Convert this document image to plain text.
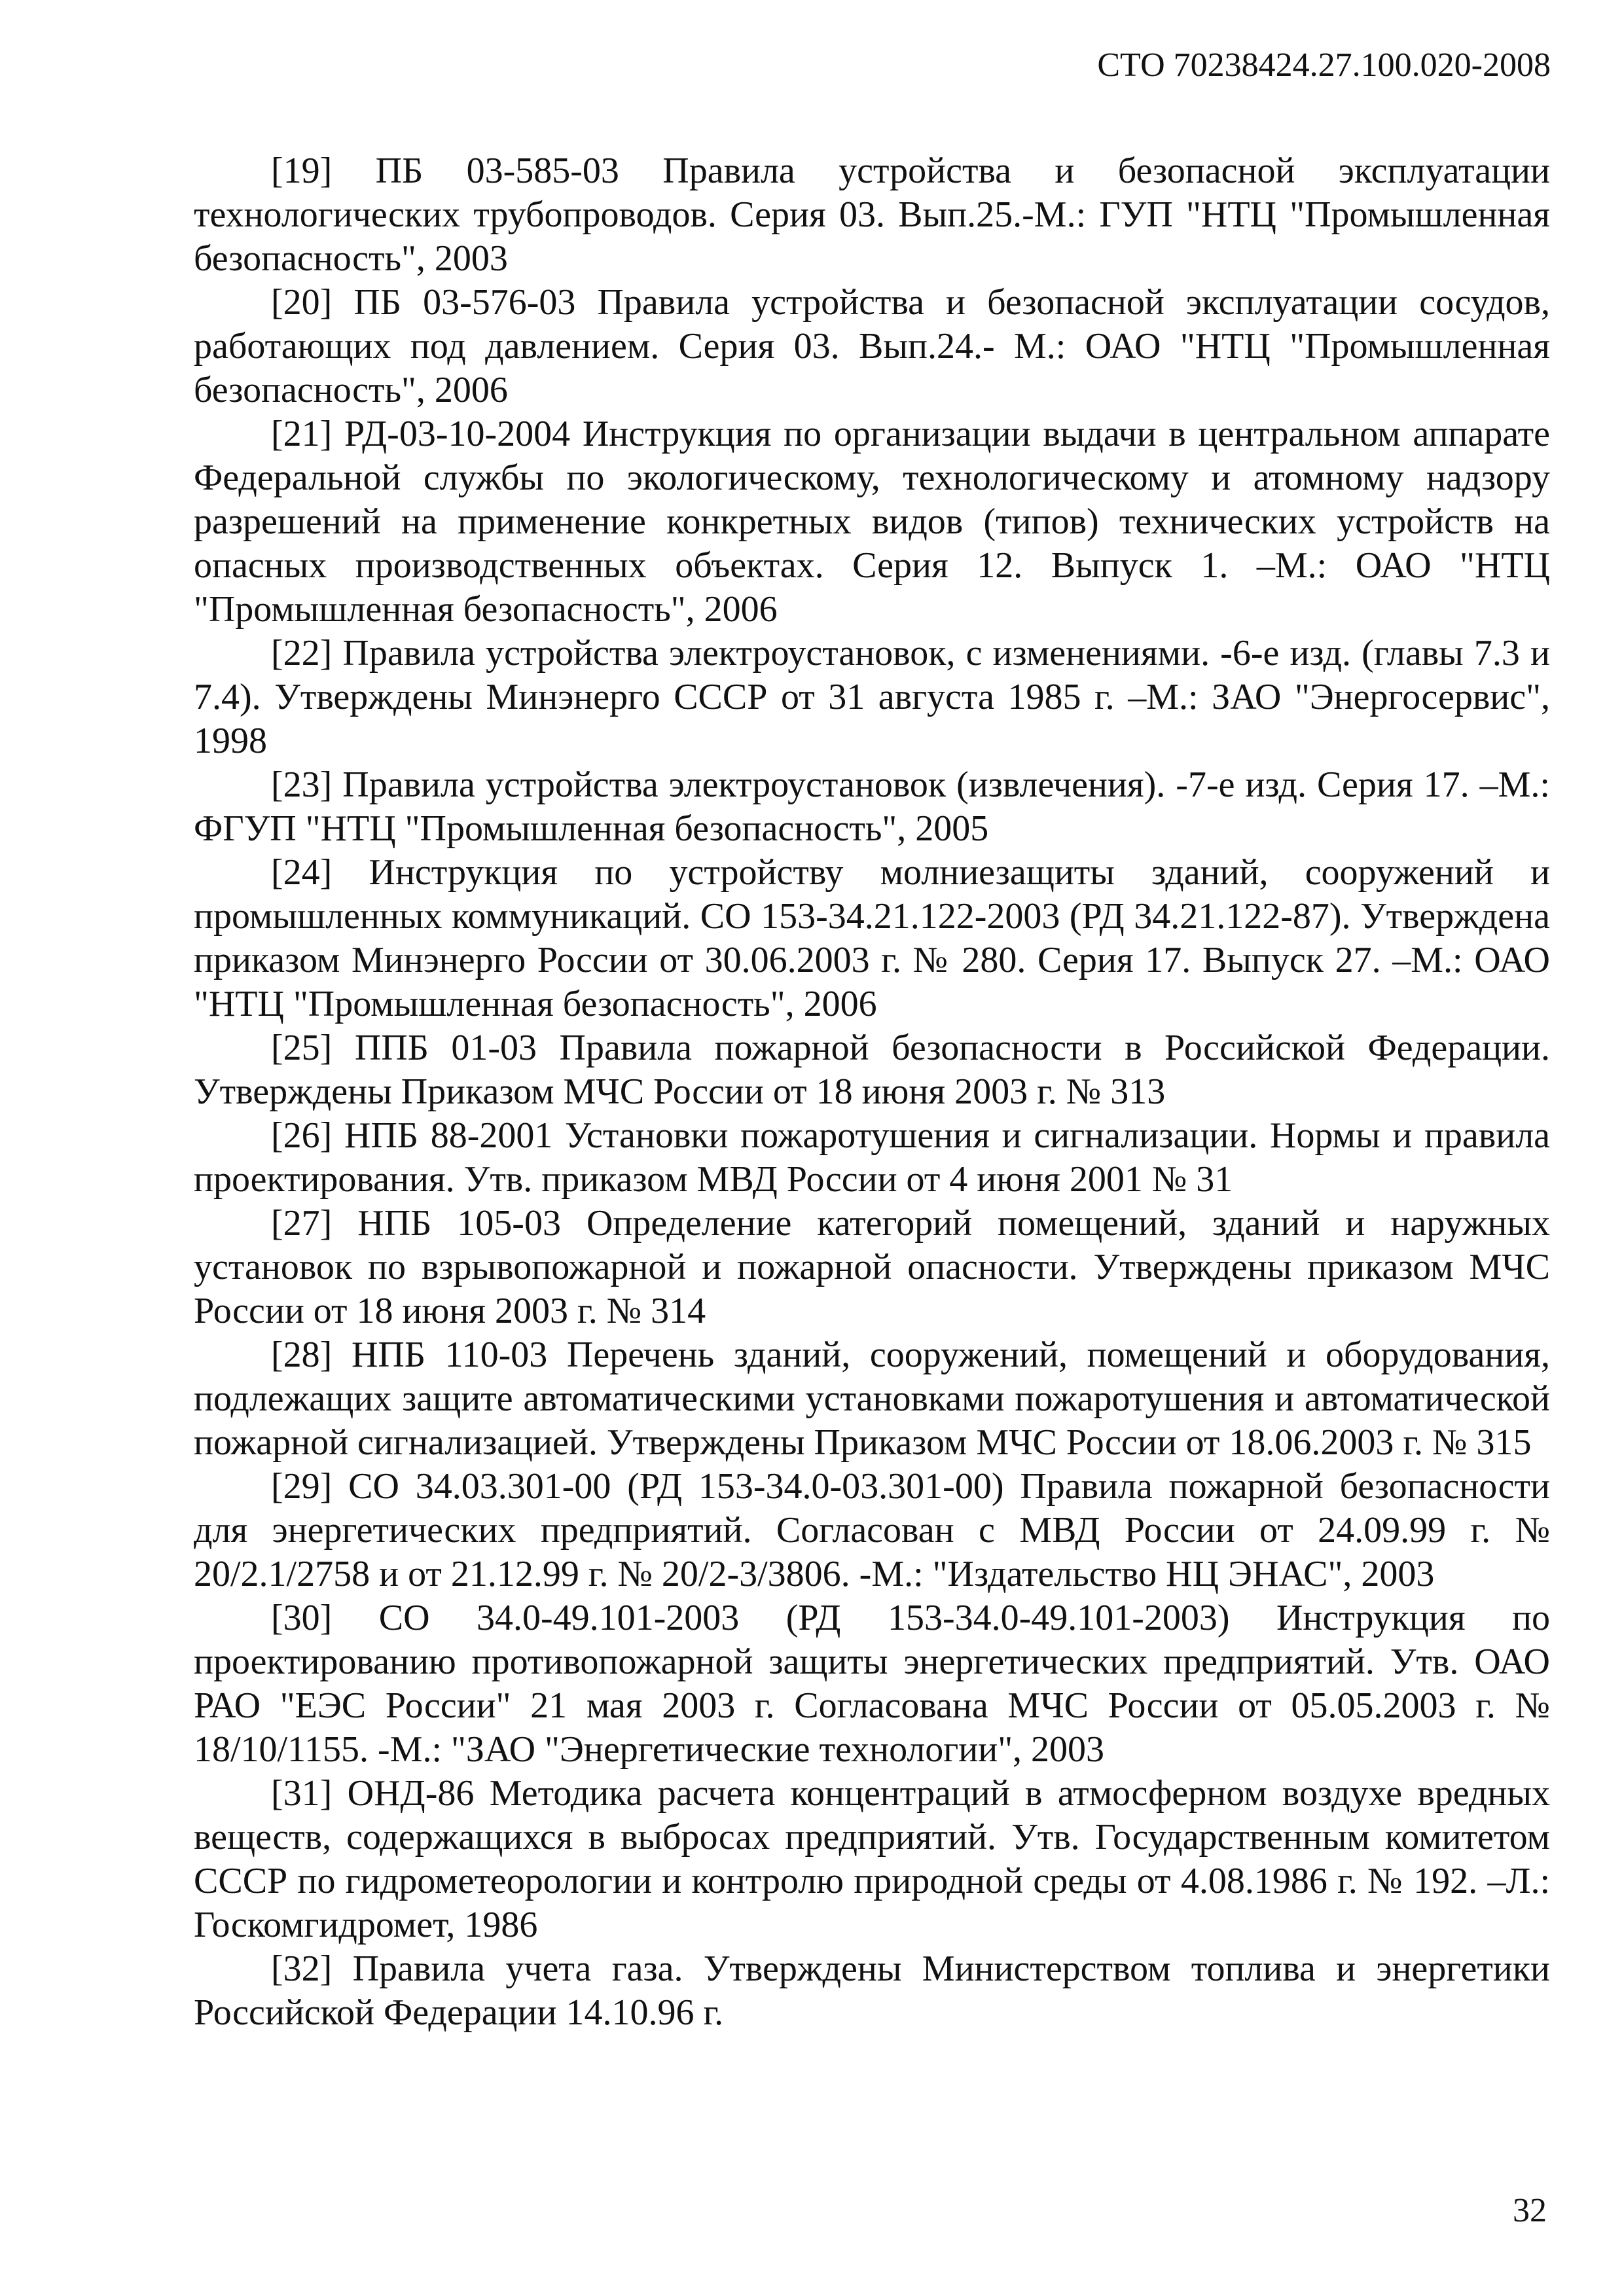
СТО 70238424.27.100.020-2008

[19] ПБ 03-585-03 Правила устройства и безопасной эксплуатации технологических трубопроводов. Серия 03. Вып.25.-М.: ГУП "НТЦ "Промышленная безопасность", 2003

[20] ПБ 03-576-03 Правила устройства и безопасной эксплуатации сосудов, работающих под давлением. Серия 03. Вып.24.- М.: ОАО "НТЦ "Промышленная безопасность", 2006

[21] РД-03-10-2004 Инструкция по организации выдачи в центральном аппарате Федеральной службы по экологическому, технологическому и атомному надзору разрешений на применение конкретных видов (типов) технических устройств на опасных производственных объектах. Серия 12. Выпуск 1. –М.: ОАО "НТЦ "Промышленная безопасность", 2006

[22] Правила устройства электроустановок, с изменениями. -6-е изд. (главы 7.3 и 7.4). Утверждены Минэнерго СССР от 31 августа 1985 г. –М.: ЗАО "Энергосервис", 1998

[23] Правила устройства электроустановок (извлечения). -7-е изд. Серия 17. –М.: ФГУП "НТЦ "Промышленная безопасность", 2005

[24] Инструкция по устройству молниезащиты зданий, сооружений и промышленных коммуникаций. СО 153-34.21.122-2003 (РД 34.21.122-87). Утверждена приказом Минэнерго России от 30.06.2003 г. № 280. Серия 17. Выпуск 27. –М.: ОАО "НТЦ "Промышленная безопасность", 2006

[25] ППБ 01-03 Правила пожарной безопасности в Российской Федерации. Утверждены Приказом МЧС России от 18 июня 2003 г. № 313

[26] НПБ 88-2001 Установки пожаротушения и сигнализации. Нормы и правила проектирования. Утв. приказом МВД России от 4 июня 2001 № 31

[27] НПБ 105-03 Определение категорий помещений, зданий и наружных установок по взрывопожарной и пожарной опасности. Утверждены приказом МЧС России от 18 июня 2003 г. № 314

[28] НПБ 110-03 Перечень зданий, сооружений, помещений и оборудования, подлежащих защите автоматическими установками пожаротушения и автоматической пожарной сигнализацией. Утверждены Приказом МЧС России от 18.06.2003 г. № 315

[29] СО 34.03.301-00 (РД 153-34.0-03.301-00) Правила пожарной безопасности для энергетических предприятий. Согласован с МВД России от 24.09.99 г. № 20/2.1/2758 и от 21.12.99 г. № 20/2-3/3806. -М.: "Издательство НЦ ЭНАС", 2003

[30] СО 34.0-49.101-2003 (РД 153-34.0-49.101-2003) Инструкция по проектированию противопожарной защиты энергетических предприятий. Утв. ОАО РАО "ЕЭС России" 21 мая 2003 г. Согласована МЧС России от 05.05.2003 г. № 18/10/1155. -М.: "ЗАО "Энергетические технологии", 2003

[31] ОНД-86 Методика расчета концентраций в атмосферном воздухе вредных веществ, содержащихся в выбросах предприятий. Утв. Государственным комитетом СССР по гидрометеорологии и контролю природной среды от 4.08.1986 г. № 192. –Л.: Госкомгидромет, 1986

[32] Правила учета газа. Утверждены Министерством топлива и энергетики Российской Федерации 14.10.96 г.

32
